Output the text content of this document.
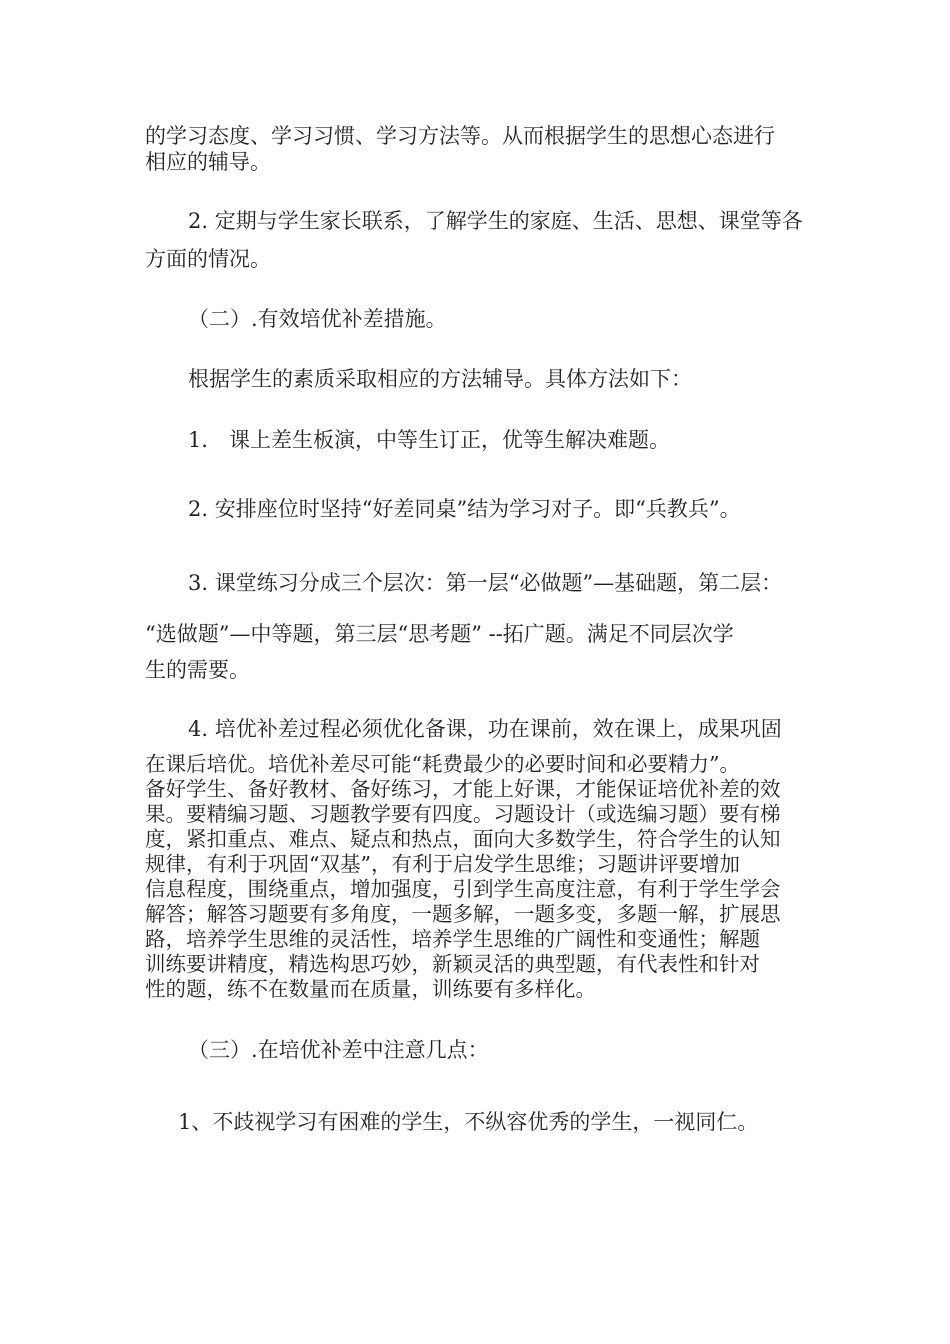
的学习态度、学习习惯、学习方法等。从而根据学生的思想心态进行

相应的辅导。

2. 定期与学生家长联系，了解学生的家庭、生活、思想、课堂等各

方面的情况。

（二）.有效培优补差措施。

根据学生的素质采取相应的方法辅导。具体方法如下：

1． 课上差生板演，中等生订正，优等生解决难题。

2. 安排座位时坚持“好差同桌”结为学习对子。即“兵教兵”。

3. 课堂练习分成三个层次：第一层“必做题”—基础题，第二层：

“选做题”—中等题，第三层“思考题” --拓广题。满足不同层次学

生的需要。

4. 培优补差过程必须优化备课，功在课前，效在课上，成果巩固

在课后培优。培优补差尽可能“耗费最少的必要时间和必要精力”。

备好学生、备好教材、备好练习，才能上好课，才能保证培优补差的效

果。要精编习题、习题教学要有四度。习题设计（或选编习题）要有梯

度，紧扣重点、难点、疑点和热点，面向大多数学生，符合学生的认知

规律，有利于巩固“双基”，有利于启发学生思维；习题讲评要增加

信息程度，围绕重点，增加强度，引到学生高度注意，有利于学生学会

解答；解答习题要有多角度，一题多解，一题多变，多题一解，扩展思

路，培养学生思维的灵活性，培养学生思维的广阔性和变通性；解题

训练要讲精度，精选构思巧妙，新颖灵活的典型题，有代表性和针对

性的题，练不在数量而在质量，训练要有多样化。

（三）.在培优补差中注意几点：

1、不歧视学习有困难的学生，不纵容优秀的学生，一视同仁。
